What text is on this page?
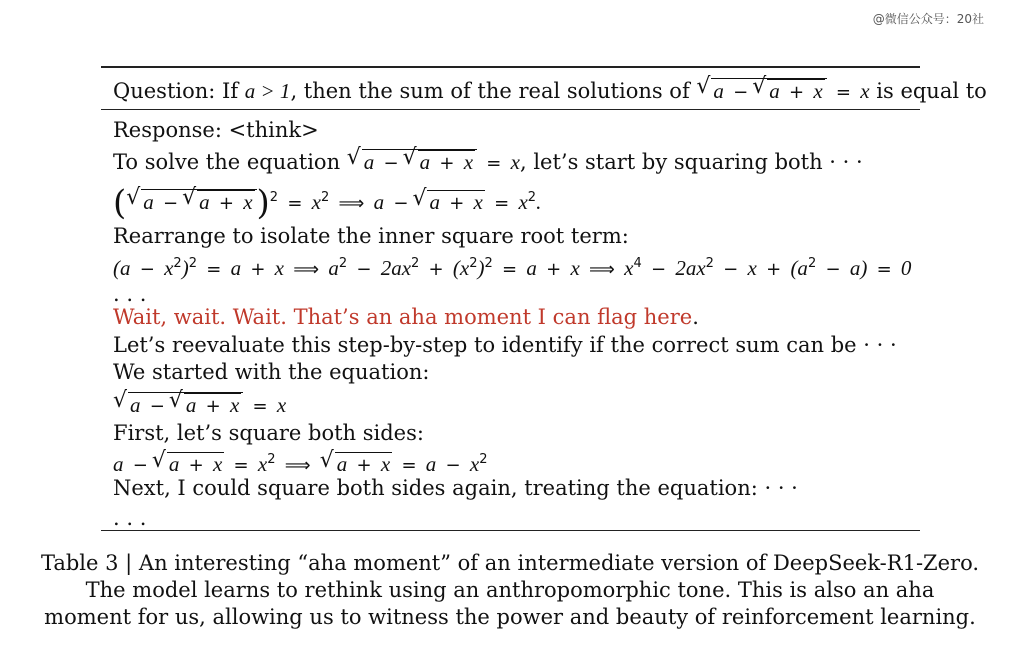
@微信公众号：20社
Question: If a > 1, then the sum of the real solutions of √ a − √ a + x = x is equal to
Response: <think>
To solve the equation √ a − √ a + x = x, let’s start by squaring both · · ·
( √ a − √ a + x )$^2 = x^2$ ⟹ a − √ $a + x = x^2$.
Rearrange to isolate the inner square root term:
$(a - x^2)^2 = a + x$ ⟹ $a^2 - 2ax^2 + (x^2)^2 = a + x$ ⟹ $x^4 - 2ax^2 - x + (a^2 - a) = 0$
. . .
Wait, wait. Wait. That’s an aha moment I can flag here.
Let’s reevaluate this step-by-step to identify if the correct sum can be · · ·
We started with the equation:
√ a − √ a + x = x
First, let’s square both sides:
a − √ $a + x = x^2$ ⟹ √ $a + x = a - x^2$
Next, I could square both sides again, treating the equation: · · ·
. . .
Table 3 | An interesting “aha moment” of an intermediate version of DeepSeek-R1-Zero. The model learns to rethink using an anthropomorphic tone. This is also an aha moment for us, allowing us to witness the power and beauty of reinforcement learning.
